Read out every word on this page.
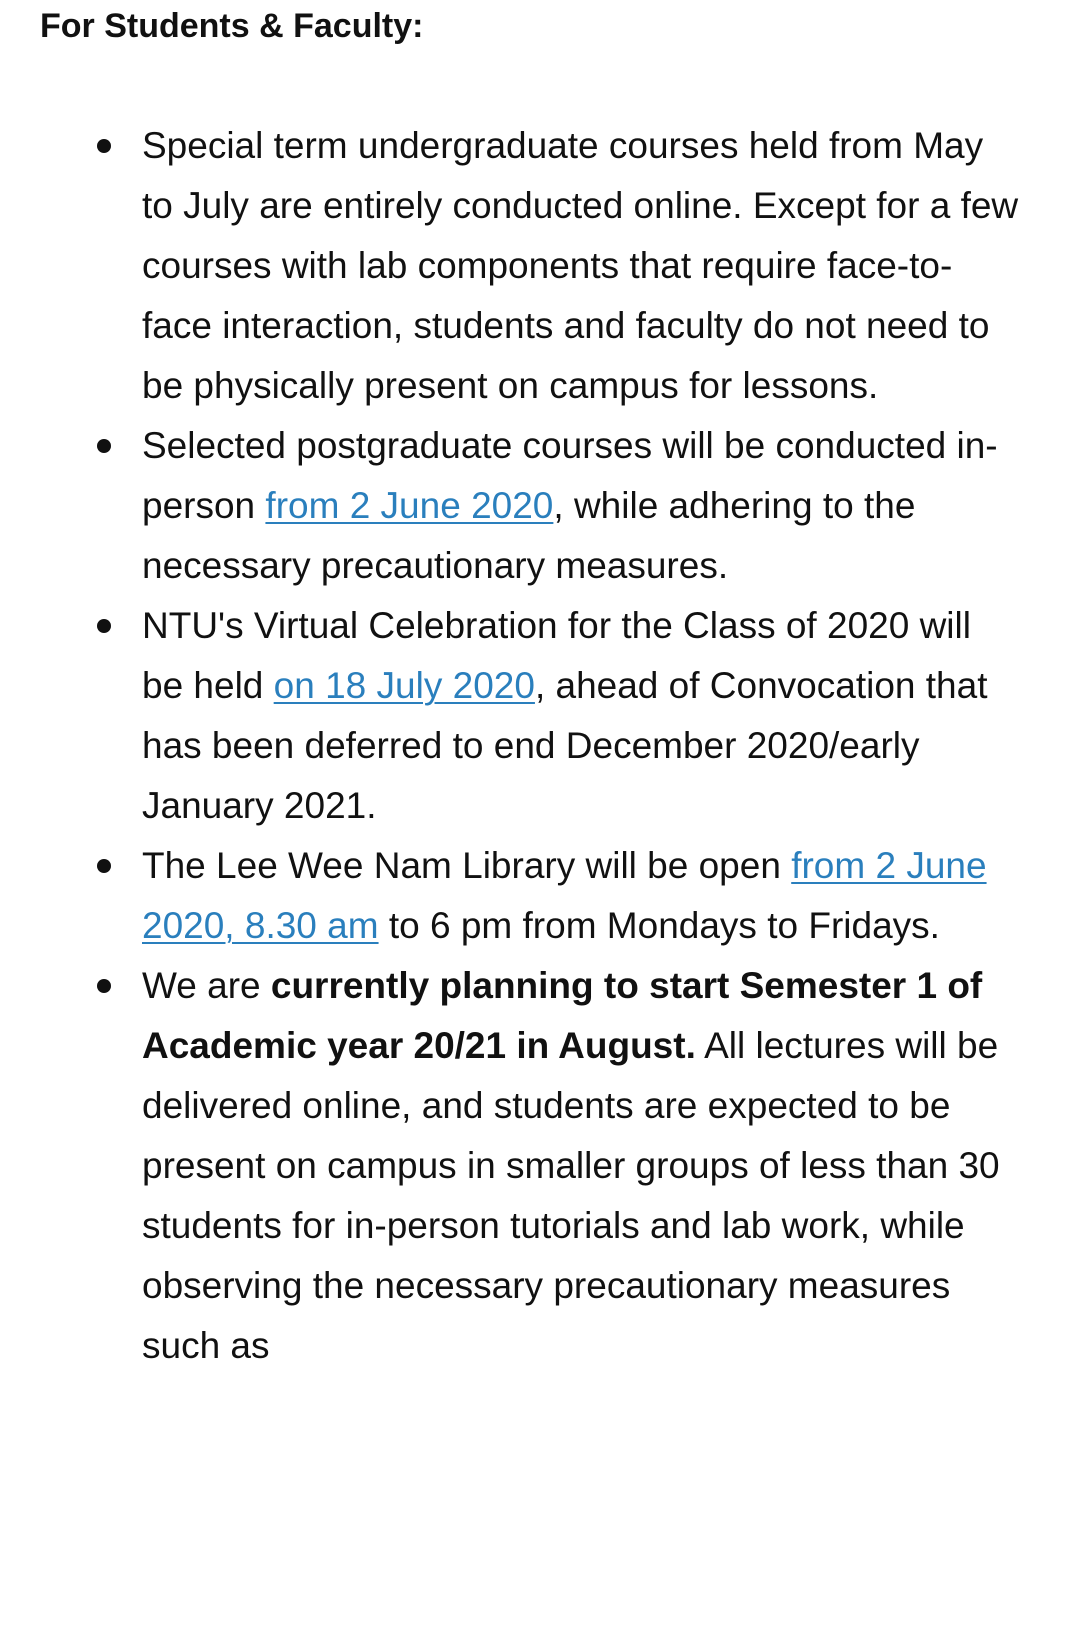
For Students & Faculty:
Special term undergraduate courses held from May to July are entirely conducted online. Except for a few courses with lab components that require face-to-face interaction, students and faculty do not need to be physically present on campus for lessons.
Selected postgraduate courses will be conducted in-person from 2 June 2020, while adhering to the necessary precautionary measures.
NTU's Virtual Celebration for the Class of 2020 will be held on 18 July 2020, ahead of Convocation that has been deferred to end December 2020/early January 2021.
The Lee Wee Nam Library will be open from 2 June 2020, 8.30 am to 6 pm from Mondays to Fridays.
We are currently planning to start Semester 1 of Academic year 20/21 in August. All lectures will be delivered online, and students are expected to be present on campus in smaller groups of less than 30 students for in-person tutorials and lab work, while observing the necessary precautionary measures such as
